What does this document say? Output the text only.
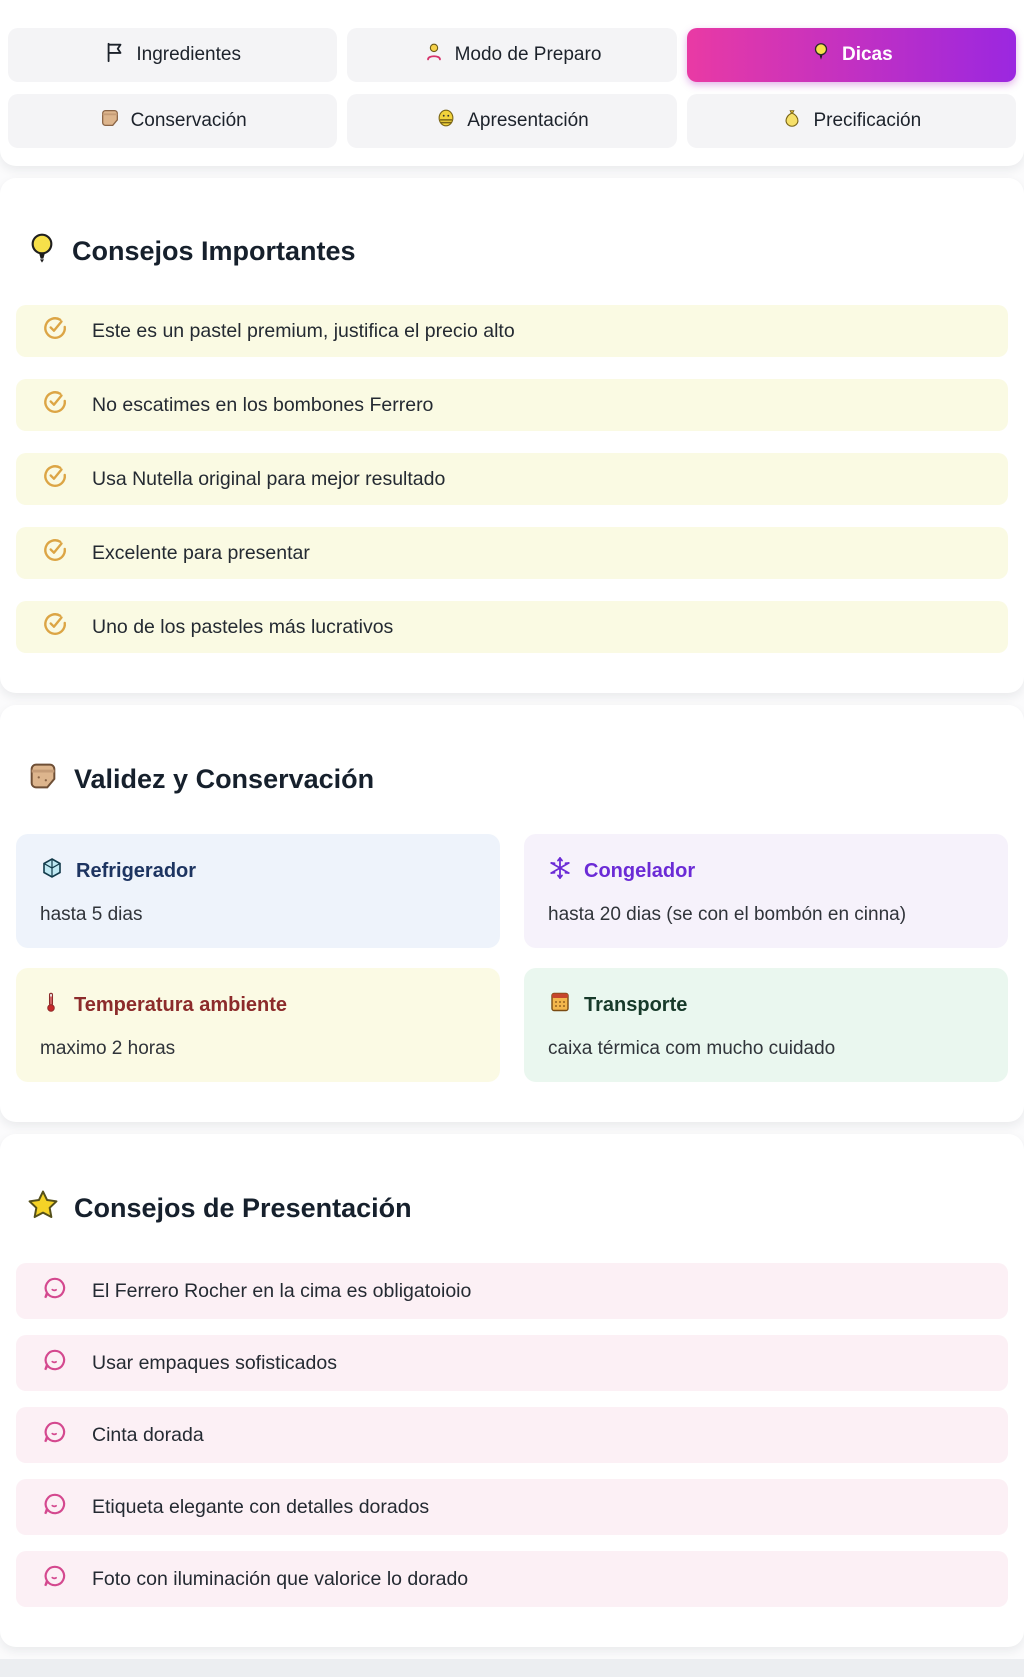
Ingredientes	Modo de Preparo	Dicas
Conservación	Apresentación	Precificación
Consejos Importantes
Este es un pastel premium, justifica el precio alto
No escatimes en los bombones Ferrero
Usa Nutella original para mejor resultado
Excelente para presentar
Uno de los pasteles más lucrativos
Validez y Conservación
Refrigerador
hasta 5 dias
Congelador
hasta 20 dias (se con el bombón en cinna)
Temperatura ambiente
maximo 2 horas
Transporte
caixa térmica com mucho cuidado
Consejos de Presentación
El Ferrero Rocher en la cima es obligatoioio
Usar empaques sofisticados
Cinta dorada
Etiqueta elegante con detalles dorados
Foto con iluminación que valorice lo dorado
